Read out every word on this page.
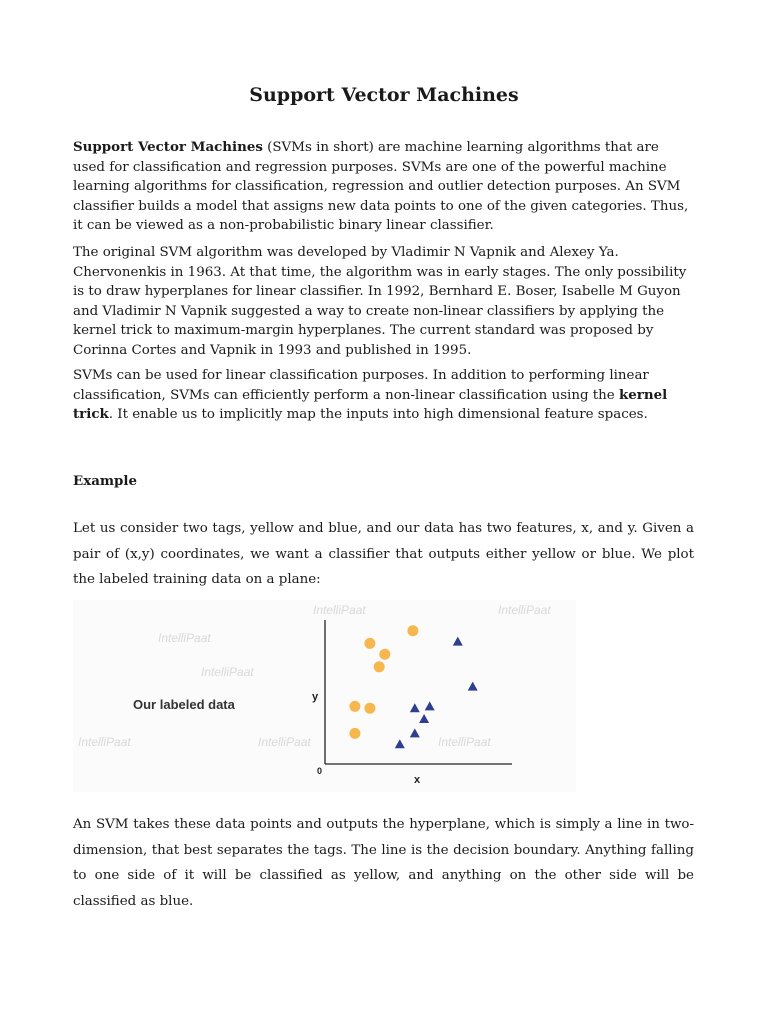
Support Vector Machines

Support Vector Machines (SVMs in short) are machine learning algorithms that are used for classification and regression purposes. SVMs are one of the powerful machine learning algorithms for classification, regression and outlier detection purposes. An SVM classifier builds a model that assigns new data points to one of the given categories. Thus, it can be viewed as a non-probabilistic binary linear classifier.

The original SVM algorithm was developed by Vladimir N Vapnik and Alexey Ya. Chervonenkis in 1963. At that time, the algorithm was in early stages. The only possibility is to draw hyperplanes for linear classifier. In 1992, Bernhard E. Boser, Isabelle M Guyon and Vladimir N Vapnik suggested a way to create non-linear classifiers by applying the kernel trick to maximum-margin hyperplanes. The current standard was proposed by Corinna Cortes and Vapnik in 1993 and published in 1995.

SVMs can be used for linear classification purposes. In addition to performing linear classification, SVMs can efficiently perform a non-linear classification using the kernel trick. It enable us to implicitly map the inputs into high dimensional feature spaces.

Example

Let us consider two tags, yellow and blue, and our data has two features, x, and y. Given a pair of (x,y) coordinates, we want a classifier that outputs either yellow or blue. We plot the labeled training data on a plane:

IntelliPaat
IntelliPaat	IntelliPaat
IntelliPaat
IntelliPaat	IntelliPaat	IntelliPaat
Our labeled data	y
x
0

An SVM takes these data points and outputs the hyperplane, which is simply a line in two-dimension, that best separates the tags. The line is the decision boundary. Anything falling to one side of it will be classified as yellow, and anything on the other side will be classified as blue.
